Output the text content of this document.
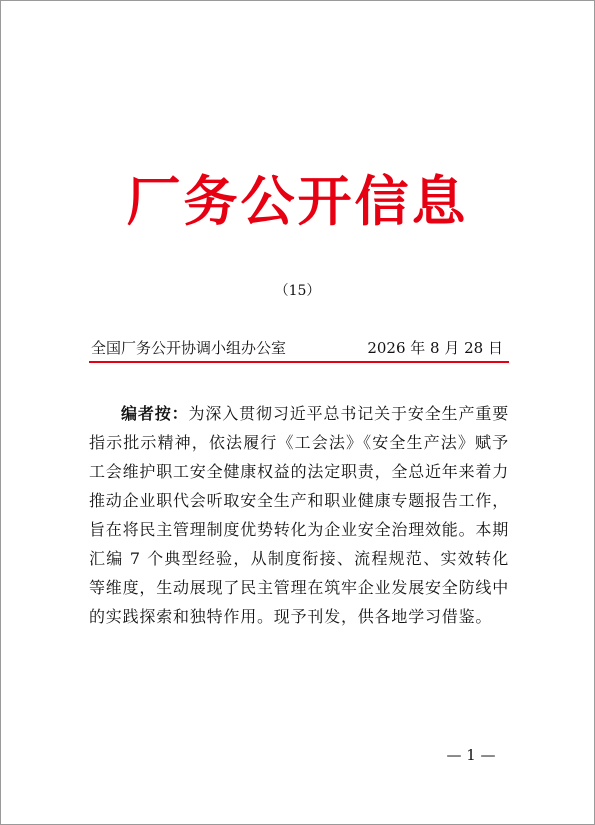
厂务公开信息
（15）
全国厂务公开协调小组办公室	2026 年 8 月 28 日

编者按：为深入贯彻习近平总书记关于安全生产重要指示批示精神，依法履行《工会法》《安全生产法》赋予工会维护职工安全健康权益的法定职责，全总近年来着力推动企业职代会听取安全生产和职业健康专题报告工作，旨在将民主管理制度优势转化为企业安全治理效能。本期汇编 7 个典型经验，从制度衔接、流程规范、实效转化等维度，生动展现了民主管理在筑牢企业发展安全防线中的实践探索和独特作用。现予刊发，供各地学习借鉴。

— 1 —
